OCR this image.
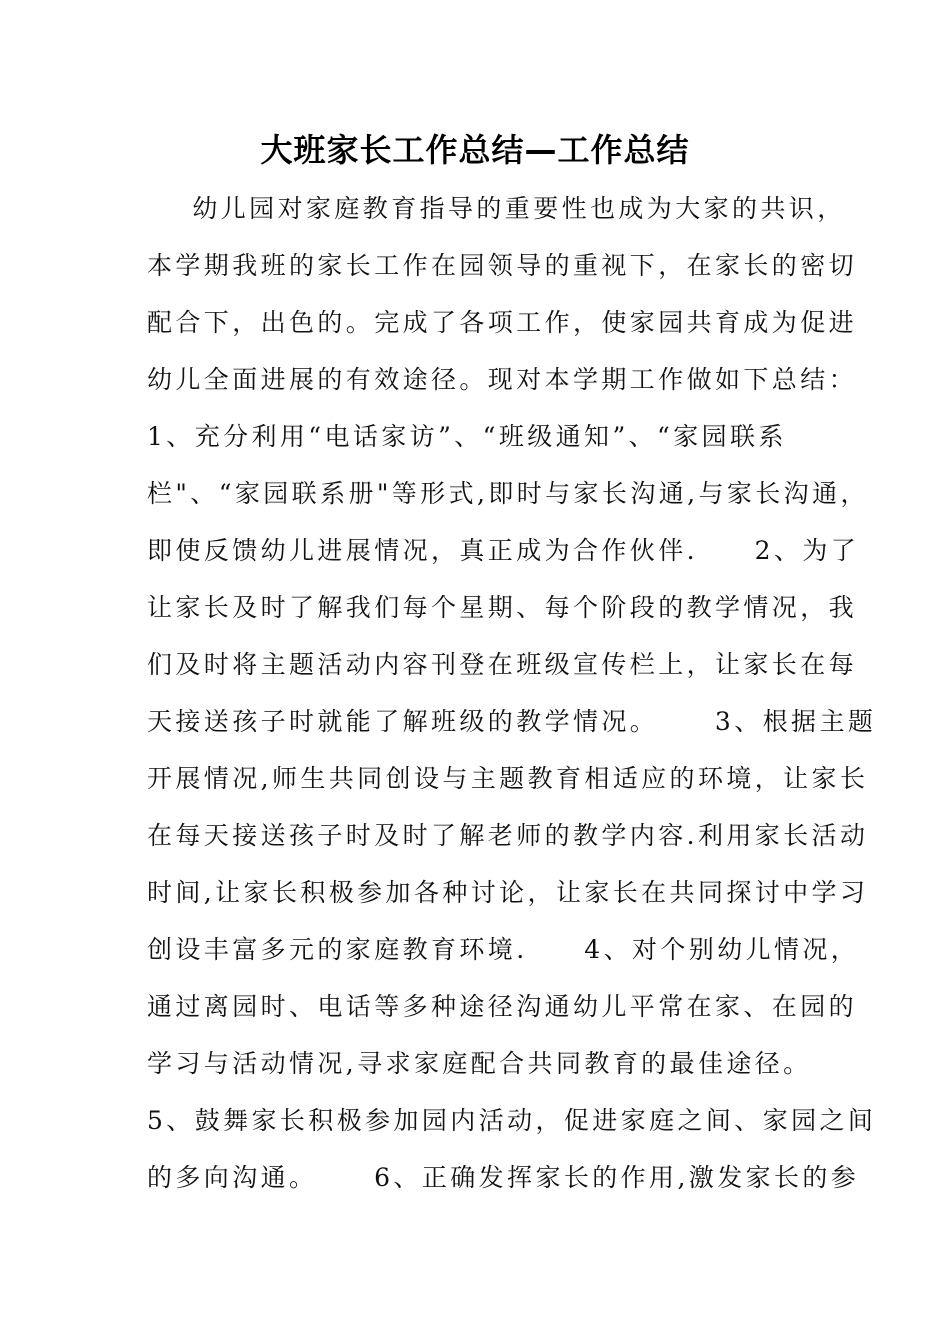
大班家长工作总结—工作总结
幼儿园对家庭教育指导的重要性也成为大家的共识，
本学期我班的家长工作在园领导的重视下，在家长的密切
配合下，出色的。完成了各项工作，使家园共育成为促进
幼儿全面进展的有效途径。现对本学期工作做如下总结：
1、充分利用“电话家访”、“班级通知”、“家园联系
栏"、“家园联系册"等形式,即时与家长沟通,与家长沟通，
即使反馈幼儿进展情况，真正成为合作伙伴.     2、为了
让家长及时了解我们每个星期、每个阶段的教学情况，我
们及时将主题活动内容刊登在班级宣传栏上，让家长在每
天接送孩子时就能了解班级的教学情况。     3、根据主题
开展情况,师生共同创设与主题教育相适应的环境，让家长
在每天接送孩子时及时了解老师的教学内容.利用家长活动
时间,让家长积极参加各种讨论，让家长在共同探讨中学习
创设丰富多元的家庭教育环境.     4、对个别幼儿情况，
通过离园时、电话等多种途径沟通幼儿平常在家、在园的
学习与活动情况,寻求家庭配合共同教育的最佳途径。
5、鼓舞家长积极参加园内活动，促进家庭之间、家园之间
的多向沟通。     6、正确发挥家长的作用,激发家长的参
